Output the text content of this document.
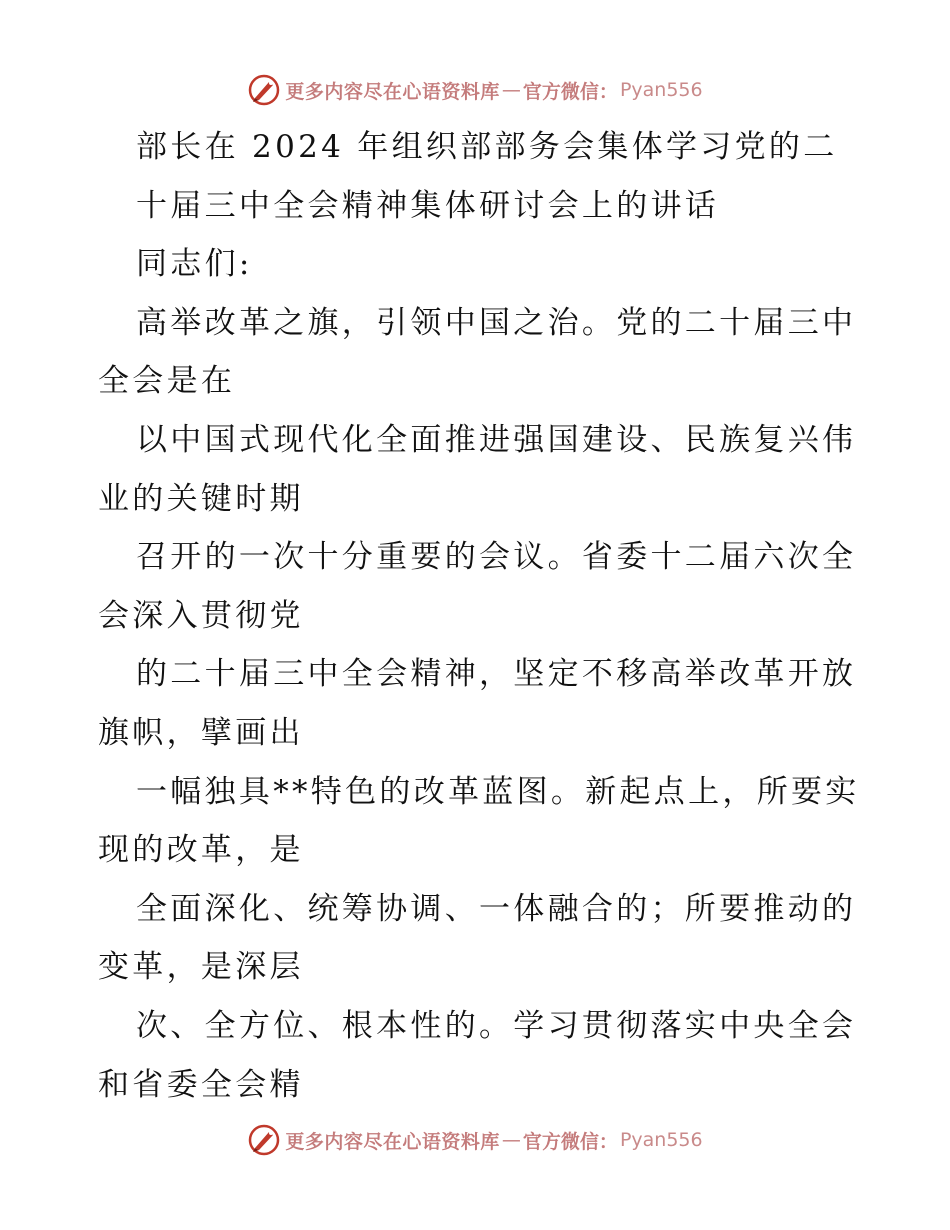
更多内容尽在心语资料库 — 官方微信： Pyan556
部长在 2024 年组织部部务会集体学习党的二
十届三中全会精神集体研讨会上的讲话
同志们:
高举改革之旗，引领中国之治。党的二十届三中
全会是在
以中国式现代化全面推进强国建设、民族复兴伟
业的关键时期
召开的一次十分重要的会议。省委十二届六次全
会深入贯彻党
的二十届三中全会精神，坚定不移高举改革开放
旗帜，擘画出
一幅独具**特色的改革蓝图。新起点上，所要实
现的改革，是
全面深化、统筹协调、一体融合的；所要推动的
变革，是深层
次、全方位、根本性的。学习贯彻落实中央全会
和省委全会精
更多内容尽在心语资料库 — 官方微信： Pyan556
